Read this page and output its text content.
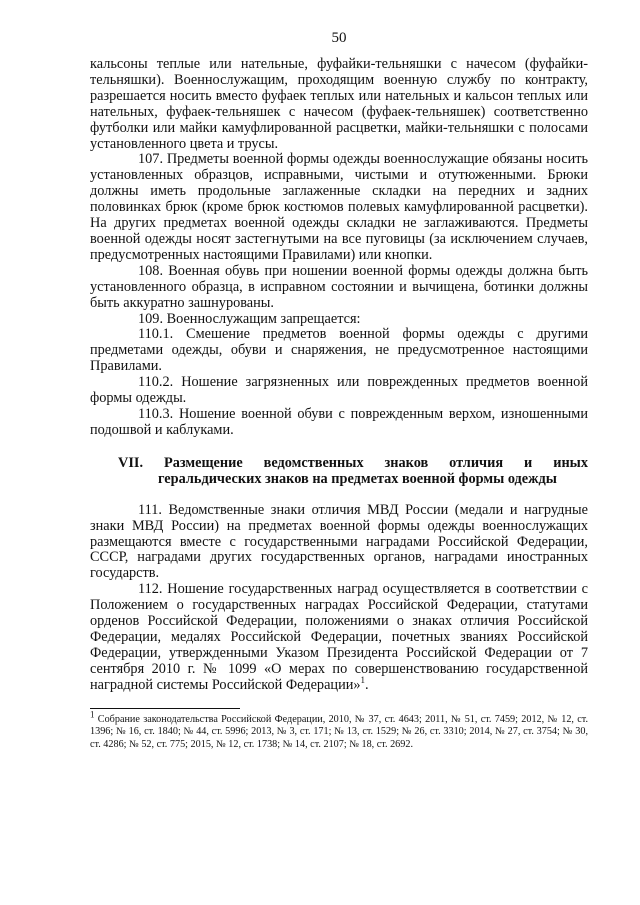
50

кальсоны теплые или нательные, фуфайки-тельняшки с начесом (фуфайки-тельняшки). Военнослужащим, проходящим военную службу по контракту, разрешается носить вместо фуфаек теплых или нательных и кальсон теплых или нательных, фуфаек-тельняшек с начесом (фуфаек-тельняшек) соответственно футболки или майки камуфлированной расцветки, майки-тельняшки с полосами установленного цвета и трусы.

107. Предметы военной формы одежды военнослужащие обязаны носить установленных образцов, исправными, чистыми и отутюженными. Брюки должны иметь продольные заглаженные складки на передних и задних половинках брюк (кроме брюк костюмов полевых камуфлированной расцветки). На других предметах военной одежды складки не заглаживаются. Предметы военной одежды носят застегнутыми на все пуговицы (за исключением случаев, предусмотренных настоящими Правилами) или кнопки.

108. Военная обувь при ношении военной формы одежды должна быть установленного образца, в исправном состоянии и вычищена, ботинки должны быть аккуратно зашнурованы.

109. Военнослужащим запрещается:

110.1. Смешение предметов военной формы одежды с другими предметами одежды, обуви и снаряжения, не предусмотренное настоящими Правилами.

110.2. Ношение загрязненных или поврежденных предметов военной формы одежды.

110.3. Ношение военной обуви с поврежденным верхом, изношенными подошвой и каблуками.

VII. Размещение ведомственных знаков отличия и иных геральдических знаков на предметах военной формы одежды

111. Ведомственные знаки отличия МВД России (медали и нагрудные знаки МВД России) на предметах военной формы одежды военнослужащих размещаются вместе с государственными наградами Российской Федерации, СССР, наградами других государственных органов, наградами иностранных государств.

112. Ношение государственных наград осуществляется в соответствии с Положением о государственных наградах Российской Федерации, статутами орденов Российской Федерации, положениями о знаках отличия Российской Федерации, медалях Российской Федерации, почетных званиях Российской Федерации, утвержденными Указом Президента Российской Федерации от 7 сентября 2010 г. № 1099 «О мерах по совершенствованию государственной наградной системы Российской Федерации»$^1$.

$^1$ Собрание законодательства Российской Федерации, 2010, № 37, ст. 4643; 2011, № 51, ст. 7459; 2012, № 12, ст. 1396; № 16, ст. 1840; № 44, ст. 5996; 2013, № 3, ст. 171; № 13, ст. 1529; № 26, ст. 3310; 2014, № 27, ст. 3754; № 30, ст. 4286; № 52, ст. 775; 2015, № 12, ст. 1738; № 14, ст. 2107; № 18, ст. 2692.
